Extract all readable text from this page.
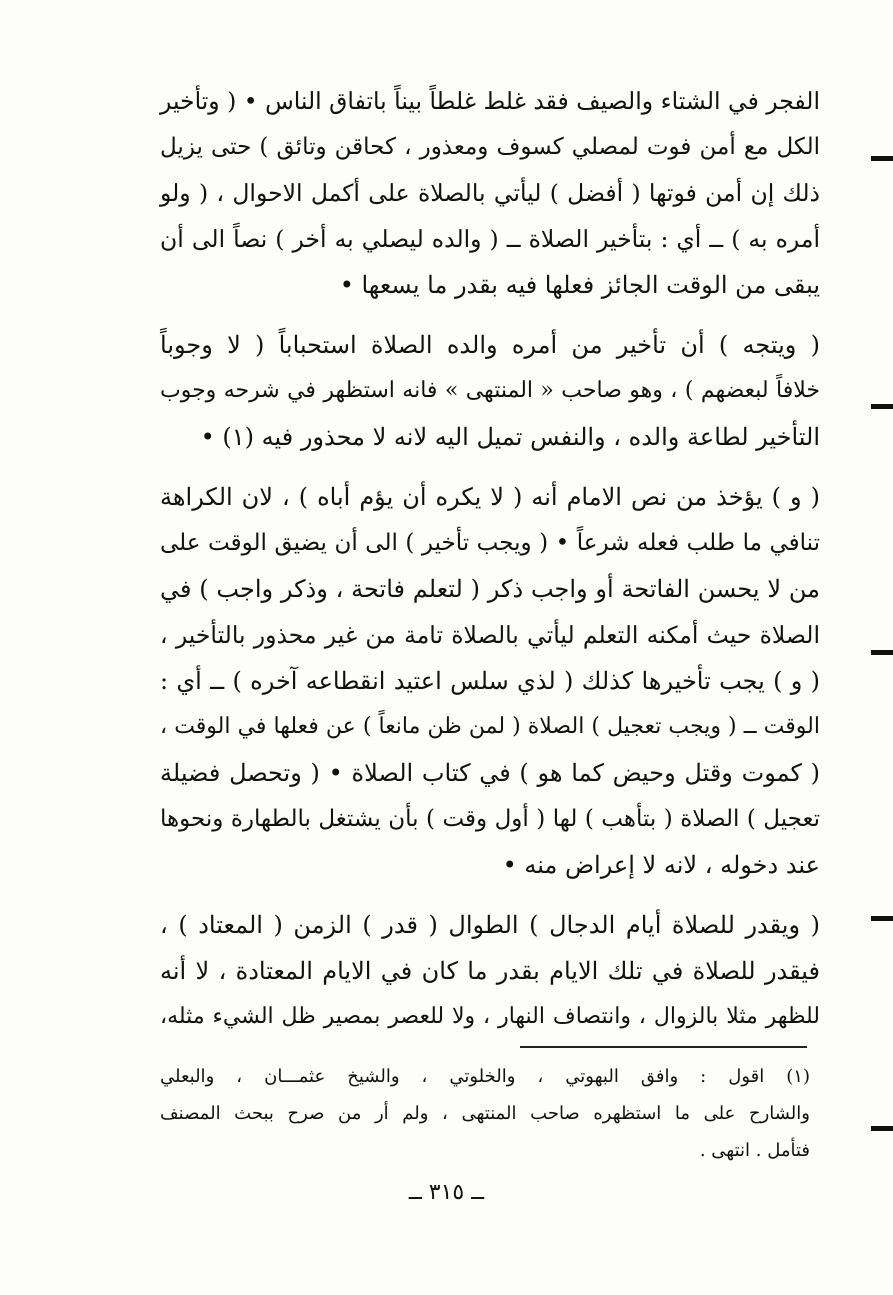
الفجر في الشتاء والصيف فقد غلط غلطاً بيناً باتفاق الناس • ( وتأخير
الكل مع أمن فوت لمصلي كسوف ومعذور ، كحاقن وتائق ) حتى يزيل
ذلك إن أمن فوتها ( أفضل ) ليأتي بالصلاة على أكمل الاحوال ، ( ولو
أمره به ) ــ أي : بتأخير الصلاة ــ ( والده ليصلي به أخر ) نصاً الى أن
يبقى من الوقت الجائز فعلها فيه بقدر ما يسعها •
( ويتجه ) أن تأخير من أمره والده الصلاة استحباباً ( لا وجوباً
خلافاً لبعضهم ) ، وهو صاحب « المنتهى » فانه استظهر في شرحه وجوب
التأخير لطاعة والده ، والنفس تميل اليه لانه لا محذور فيه (١) •
( و ) يؤخذ من نص الامام أنه ( لا يكره أن يؤم أباه ) ، لان الكراهة
تنافي ما طلب فعله شرعاً • ( ويجب تأخير ) الى أن يضيق الوقت على
من لا يحسن الفاتحة أو واجب ذكر ( لتعلم فاتحة ، وذكر واجب ) في
الصلاة حيث أمكنه التعلم ليأتي بالصلاة تامة من غير محذور بالتأخير ،
( و ) يجب تأخيرها كذلك ( لذي سلس اعتيد انقطاعه آخره ) ــ أي :
الوقت ــ ( ويجب تعجيل ) الصلاة ( لمن ظن مانعاً ) عن فعلها في الوقت ،
( كموت وقتل وحيض كما هو ) في كتاب الصلاة • ( وتحصل فضيلة
تعجيل ) الصلاة ( بتأهب ) لها ( أول وقت ) بأن يشتغل بالطهارة ونحوها
عند دخوله ، لانه لا إعراض منه •
( ويقدر للصلاة أيام الدجال ) الطوال ( قدر ) الزمن ( المعتاد ) ،
فيقدر للصلاة في تلك الايام بقدر ما كان في الايام المعتادة ، لا أنه
للظهر مثلا بالزوال ، وانتصاف النهار ، ولا للعصر بمصير ظل الشيء مثله،
(١) اقول : وافق البهوتي ، والخلوتي ، والشيخ عثمـــان ، والبعلي
والشارح على ما استظهره صاحب المنتهى ، ولم أر من صرح ببحث المصنف
فتأمل . انتهى .
ــ ٣١٥ ــ
